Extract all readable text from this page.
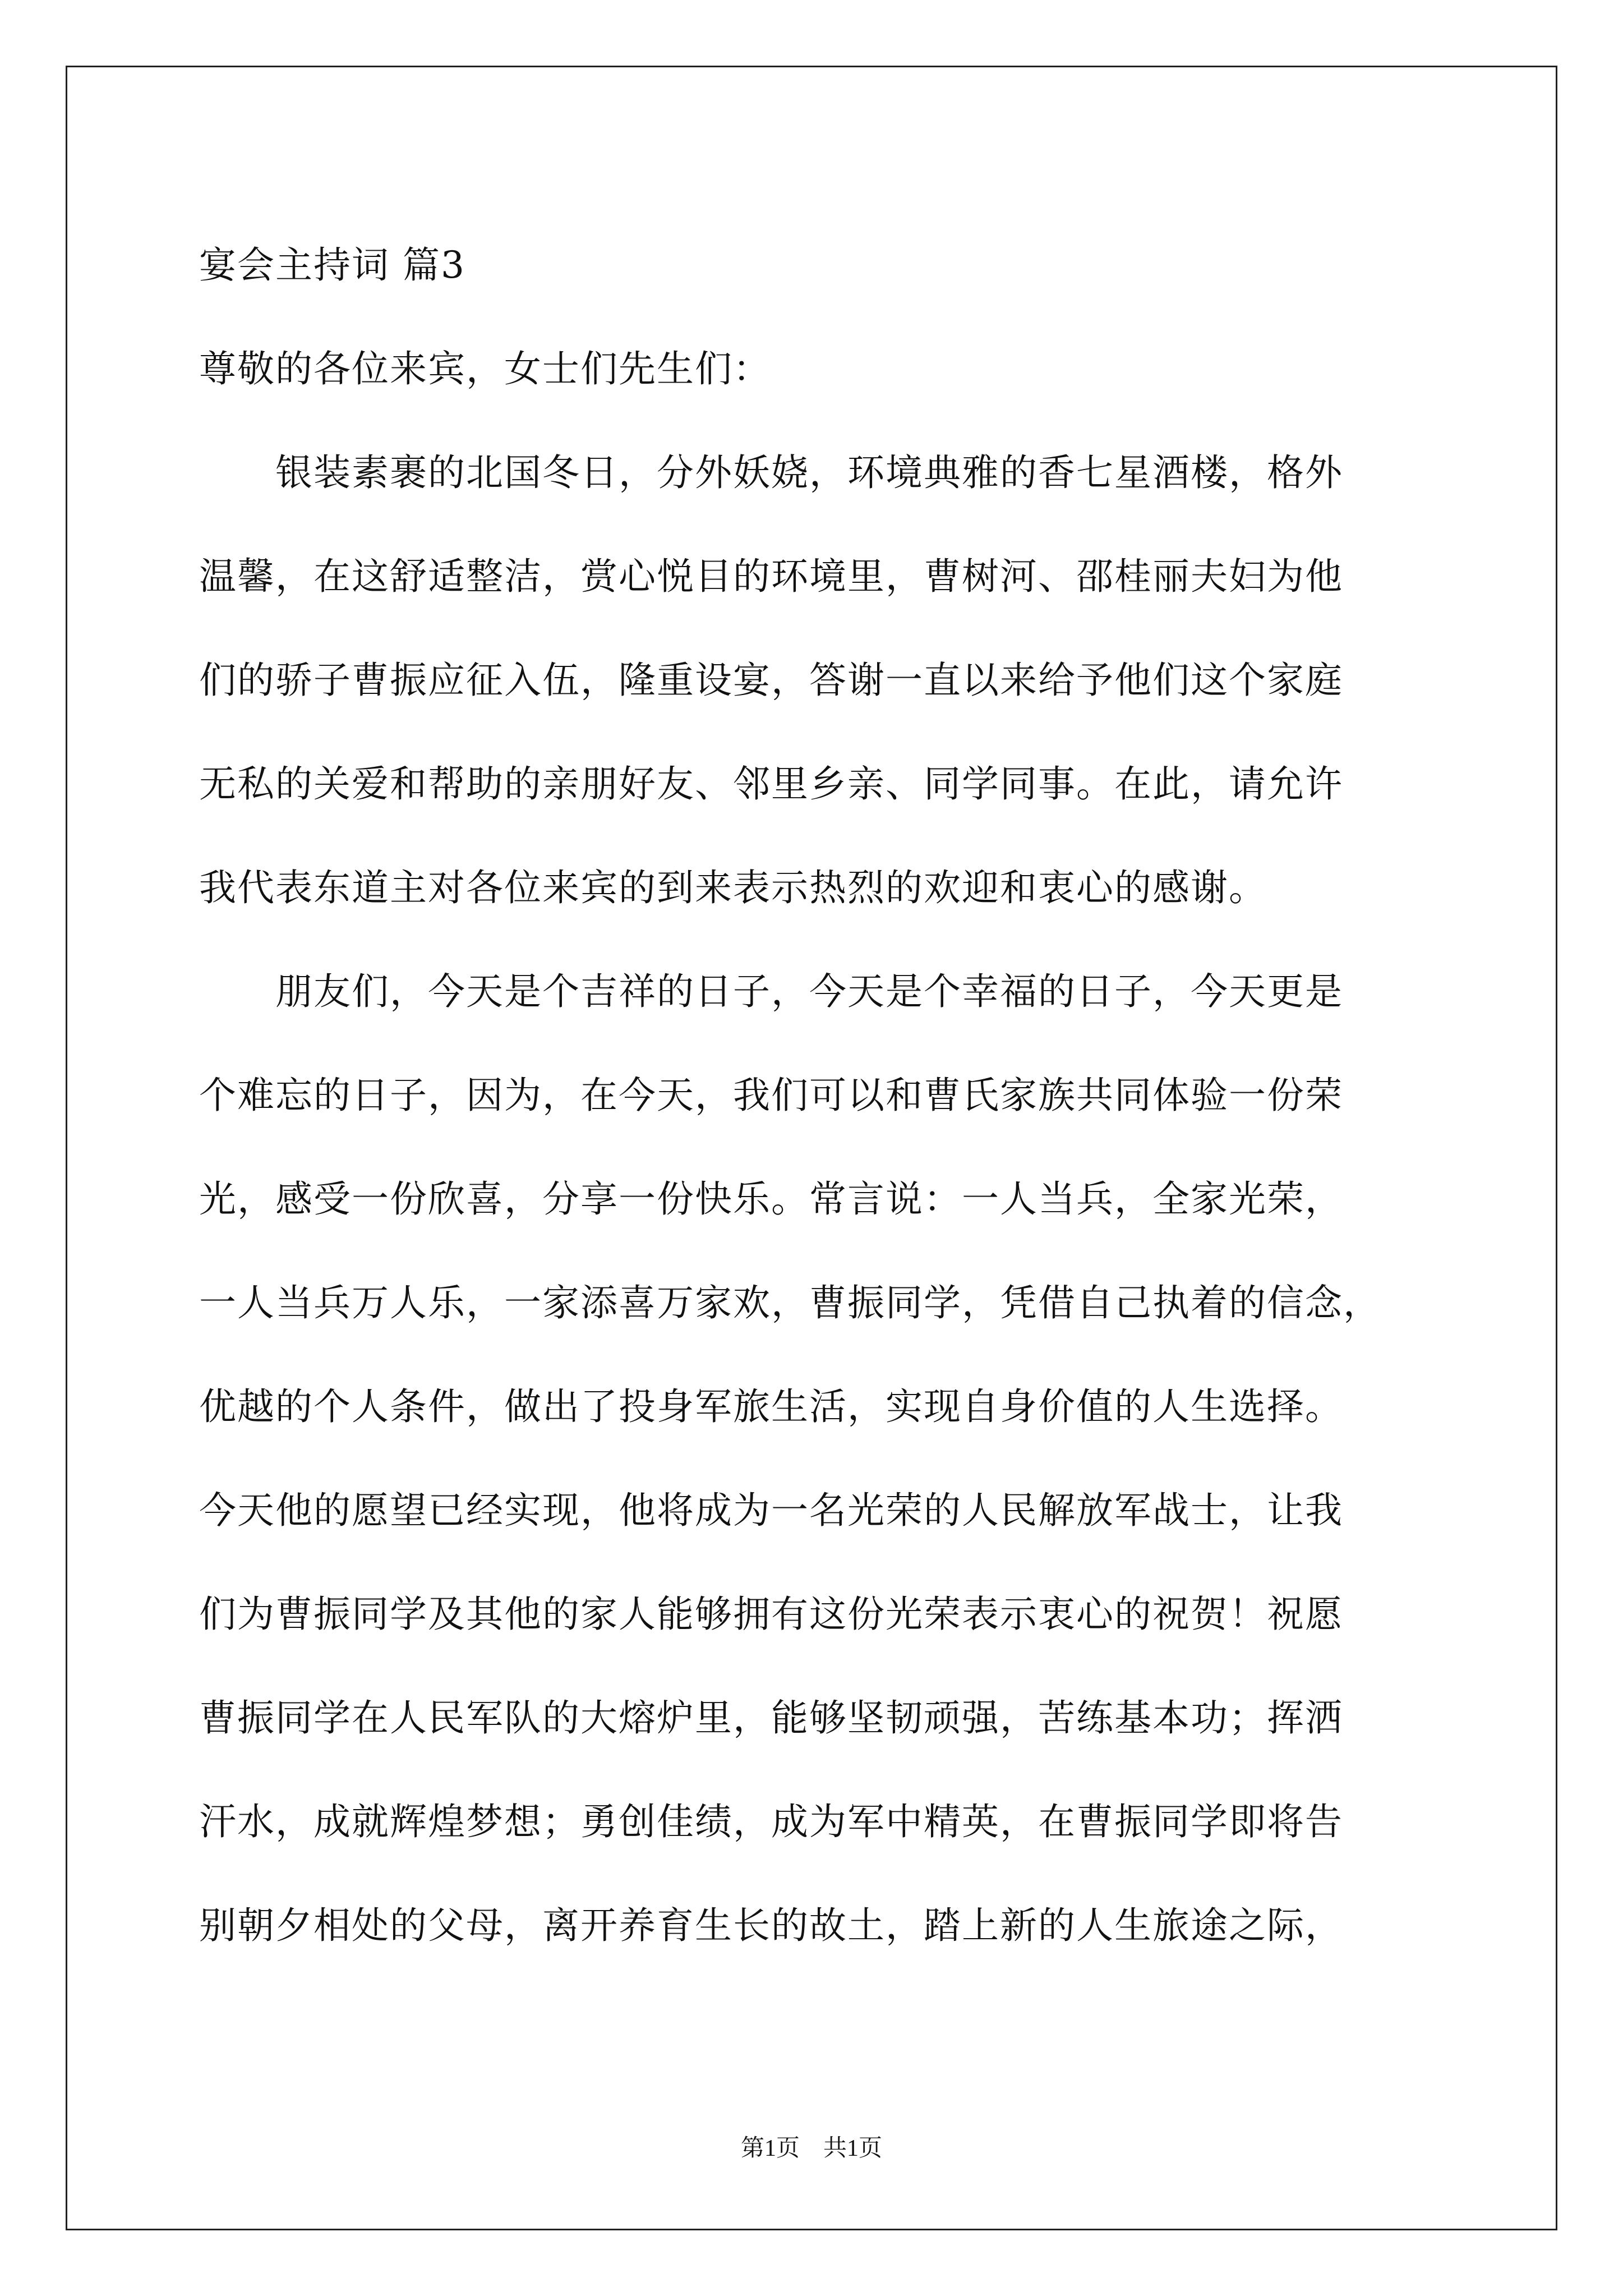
宴会主持词 篇3
尊敬的各位来宾，女士们先生们：
　　银装素裹的北国冬日，分外妖娆，环境典雅的香七星酒楼，格外
温馨，在这舒适整洁，赏心悦目的环境里，曹树河、邵桂丽夫妇为他
们的骄子曹振应征入伍，隆重设宴，答谢一直以来给予他们这个家庭
无私的关爱和帮助的亲朋好友、邻里乡亲、同学同事。在此，请允许
我代表东道主对各位来宾的到来表示热烈的欢迎和衷心的感谢。
　　朋友们，今天是个吉祥的日子，今天是个幸福的日子，今天更是
个难忘的日子，因为，在今天，我们可以和曹氏家族共同体验一份荣
光，感受一份欣喜，分享一份快乐。常言说：一人当兵，全家光荣，
一人当兵万人乐，一家添喜万家欢，曹振同学，凭借自己执着的信念，
优越的个人条件，做出了投身军旅生活，实现自身价值的人生选择。
今天他的愿望已经实现，他将成为一名光荣的人民解放军战士，让我
们为曹振同学及其他的家人能够拥有这份光荣表示衷心的祝贺！祝愿
曹振同学在人民军队的大熔炉里，能够坚韧顽强，苦练基本功；挥洒
汗水，成就辉煌梦想；勇创佳绩，成为军中精英，在曹振同学即将告
别朝夕相处的父母，离开养育生长的故土，踏上新的人生旅途之际，
第1页　共1页
